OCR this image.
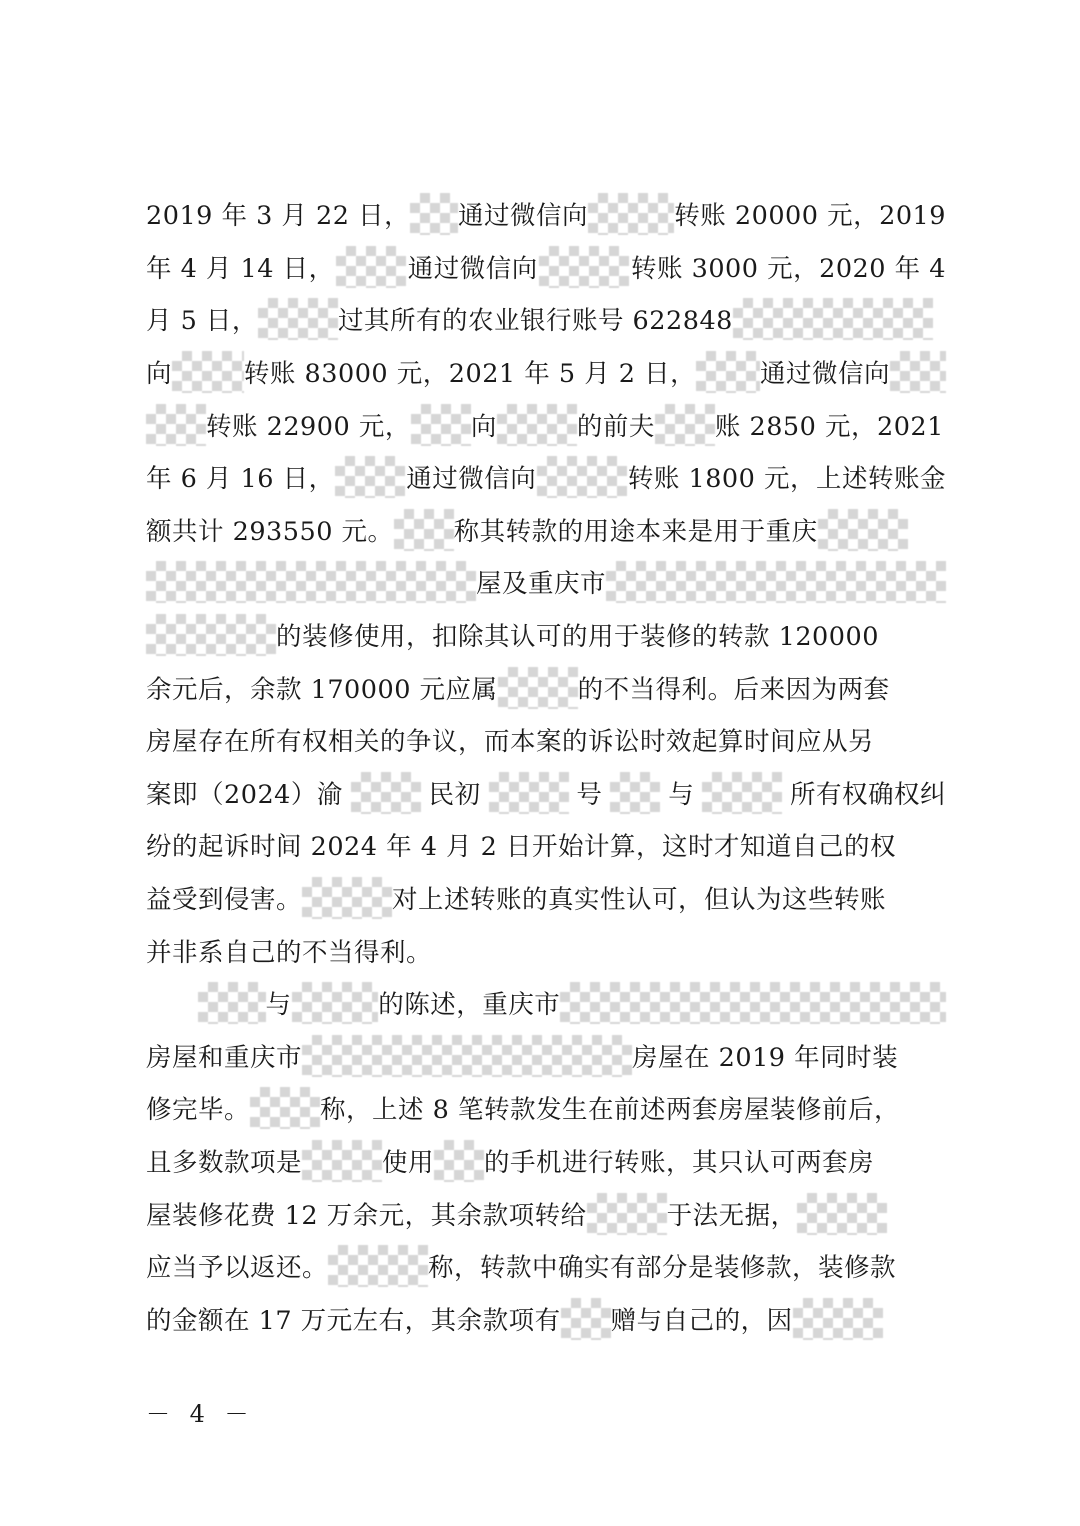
2019 年 3 月 22 日， 通过微信向	转账 20000 元，2019
年 4 月 14 日，	通过微信向	转账 3000 元，2020 年 4
月 5 日，	过其所有的农业银行账号 622848
向	转账 83000 元，2021 年 5 月 2 日，	通过微信向
转账 22900 元， 向	的前夫 账 2850 元，2021
年 6 月 16 日，	通过微信向	转账 1800 元，上述转账金
额共计 293550 元。 称其转款的用途本来是用于重庆
屋及重庆市
的装修使用，扣除其认可的用于装修的转款 120000
余元后，余款 170000 元应属	的不当得利。后来因为两套
房屋存在所有权相关的争议，而本案的诉讼时效起算时间应从另
案即（2024）渝	民初	号	与	所有权确权纠
纷的起诉时间 2024 年 4 月 2 日开始计算，这时才知道自己的权
益受到侵害。	对上述转账的真实性认可，但认为这些转账
并非系自己的不当得利。
与	的陈述，重庆市
房屋和重庆市	房屋在 2019 年同时装
修完毕。	称，上述 8 笔转款发生在前述两套房屋装修前后，
且多数款项是	使用 的手机进行转账，其只认可两套房
屋装修花费 12 万余元，其余款项转给	于法无据，
应当予以返还。	称，转款中确实有部分是装修款，装修款
的金额在 17 万元左右，其余款项有 赠与自己的，因
－ 4 －
